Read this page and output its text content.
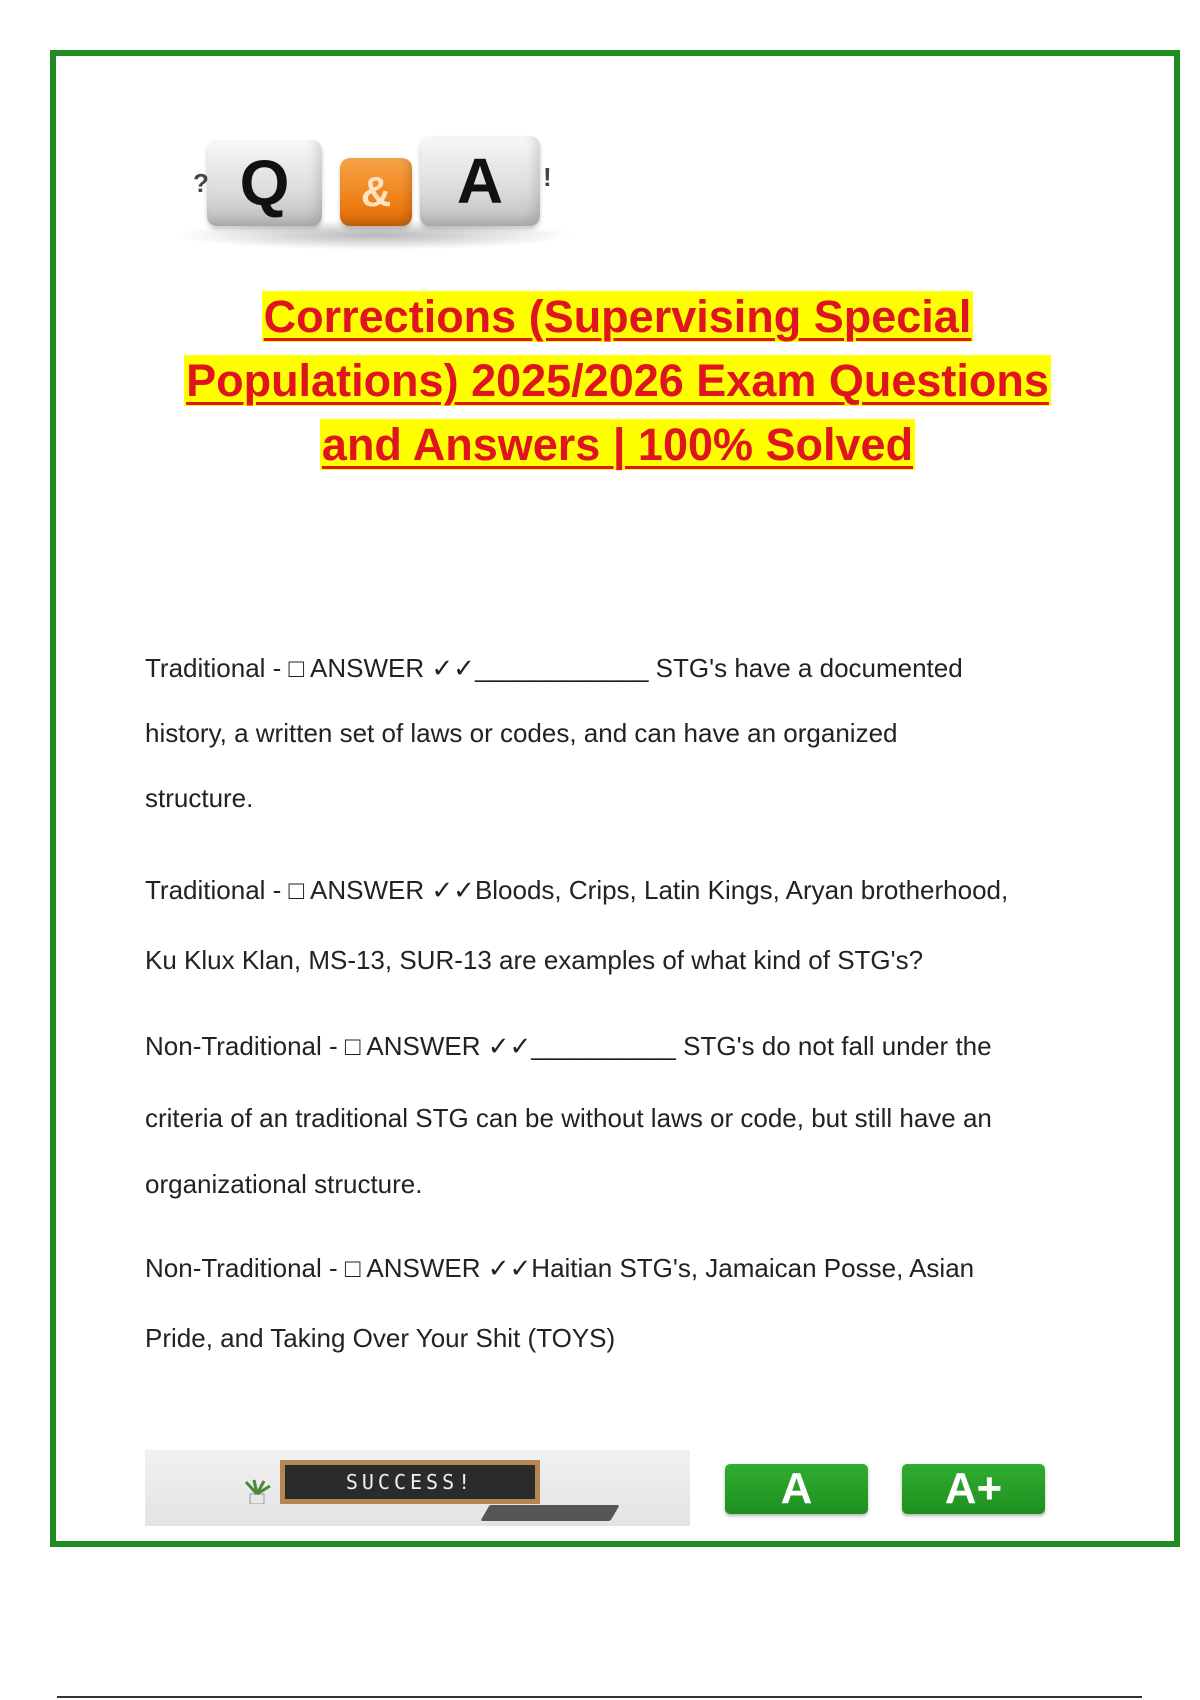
Q
?	& A !
Corrections (Supervising Special
Populations) 2025/2026 Exam Questions
and Answers | 100% Solved

Traditional - □ ANSWER ✓✓____________ STG's have a documented

history, a written set of laws or codes, and can have an organized

structure.

Traditional - □ ANSWER ✓✓Bloods, Crips, Latin Kings, Aryan brotherhood,

Ku Klux Klan, MS-13, SUR-13 are examples of what kind of STG's?

Non-Traditional - □ ANSWER ✓✓__________ STG's do not fall under the

criteria of an traditional STG can be without laws or code, but still have an

organizational structure.

Non-Traditional - □ ANSWER ✓✓Haitian STG's, Jamaican Posse, Asian

Pride, and Taking Over Your Shit (TOYS)

SUCCESS!	A	A+
